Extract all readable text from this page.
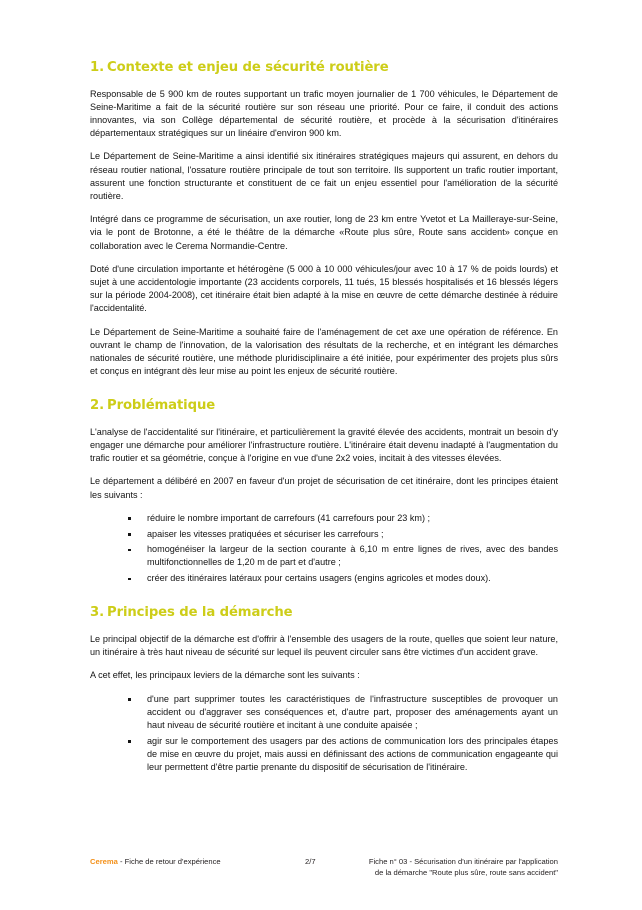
1. Contexte et enjeu de sécurité routière

Responsable de 5 900 km de routes supportant un trafic moyen journalier de 1 700 véhicules, le Département de Seine-Maritime a fait de la sécurité routière sur son réseau une priorité. Pour ce faire, il conduit des actions innovantes, via son Collège départemental de sécurité routière, et procède à la sécurisation d'itinéraires départementaux stratégiques sur un linéaire d'environ 900 km.

Le Département de Seine-Maritime a ainsi identifié six itinéraires stratégiques majeurs qui assurent, en dehors du réseau routier national, l'ossature routière principale de tout son territoire. Ils supportent un trafic routier important, assurent une fonction structurante et constituent de ce fait un enjeu essentiel pour l'amélioration de la sécurité routière.

Intégré dans ce programme de sécurisation, un axe routier, long de 23 km entre Yvetot et La Mailleraye-sur-Seine, via le pont de Brotonne, a été le théâtre de la démarche «Route plus sûre, Route sans accident» conçue en collaboration avec le Cerema Normandie-Centre.

Doté d'une circulation importante et hétérogène (5 000 à 10 000 véhicules/jour avec 10 à 17 % de poids lourds) et sujet à une accidentologie importante (23 accidents corporels, 11 tués, 15 blessés hospitalisés et 16 blessés légers sur la période 2004-2008), cet itinéraire était bien adapté à la mise en œuvre de cette démarche destinée à réduire l'accidentalité.

Le Département de Seine-Maritime a souhaité faire de l'aménagement de cet axe une opération de référence. En ouvrant le champ de l'innovation, de la valorisation des résultats de la recherche, et en intégrant les démarches nationales de sécurité routière, une méthode pluridisciplinaire a été initiée, pour expérimenter des projets plus sûrs et conçus en intégrant dès leur mise au point les enjeux de sécurité routière.

2. Problématique

L'analyse de l'accidentalité sur l'itinéraire, et particulièrement la gravité élevée des accidents, montrait un besoin d'y engager une démarche pour améliorer l'infrastructure routière. L'itinéraire était devenu inadapté à l'augmentation du trafic routier et sa géométrie, conçue à l'origine en vue d'une 2x2 voies, incitait à des vitesses élevées.

Le département a délibéré en 2007 en faveur d'un projet de sécurisation de cet itinéraire, dont les principes étaient les suivants :

réduire le nombre important de carrefours (41 carrefours pour 23 km) ;
apaiser les vitesses pratiquées et sécuriser les carrefours ;
homogénéiser la largeur de la section courante à 6,10 m entre lignes de rives, avec des bandes multifonctionnelles de 1,20 m de part et d'autre ;
créer des itinéraires latéraux pour certains usagers (engins agricoles et modes doux).
3. Principes de la démarche

Le principal objectif de la démarche est d'offrir à l'ensemble des usagers de la route, quelles que soient leur nature, un itinéraire à très haut niveau de sécurité sur lequel ils peuvent circuler sans être victimes d'un accident grave.

A cet effet, les principaux leviers de la démarche sont les suivants :

d'une part supprimer toutes les caractéristiques de l'infrastructure susceptibles de provoquer un accident ou d'aggraver ses conséquences et, d'autre part, proposer des aménagements ayant un haut niveau de sécurité routière et incitant à une conduite apaisée ;
agir sur le comportement des usagers par des actions de communication lors des principales étapes de mise en œuvre du projet, mais aussi en définissant des actions de communication engageante qui leur permettent d'être partie prenante du dispositif de sécurisation de l'itinéraire.
Cerema - Fiche de retour d'expérience	2/7	Fiche n° 03 - Sécurisation d'un itinéraire par l'application
de la démarche "Route plus sûre, route sans accident"
